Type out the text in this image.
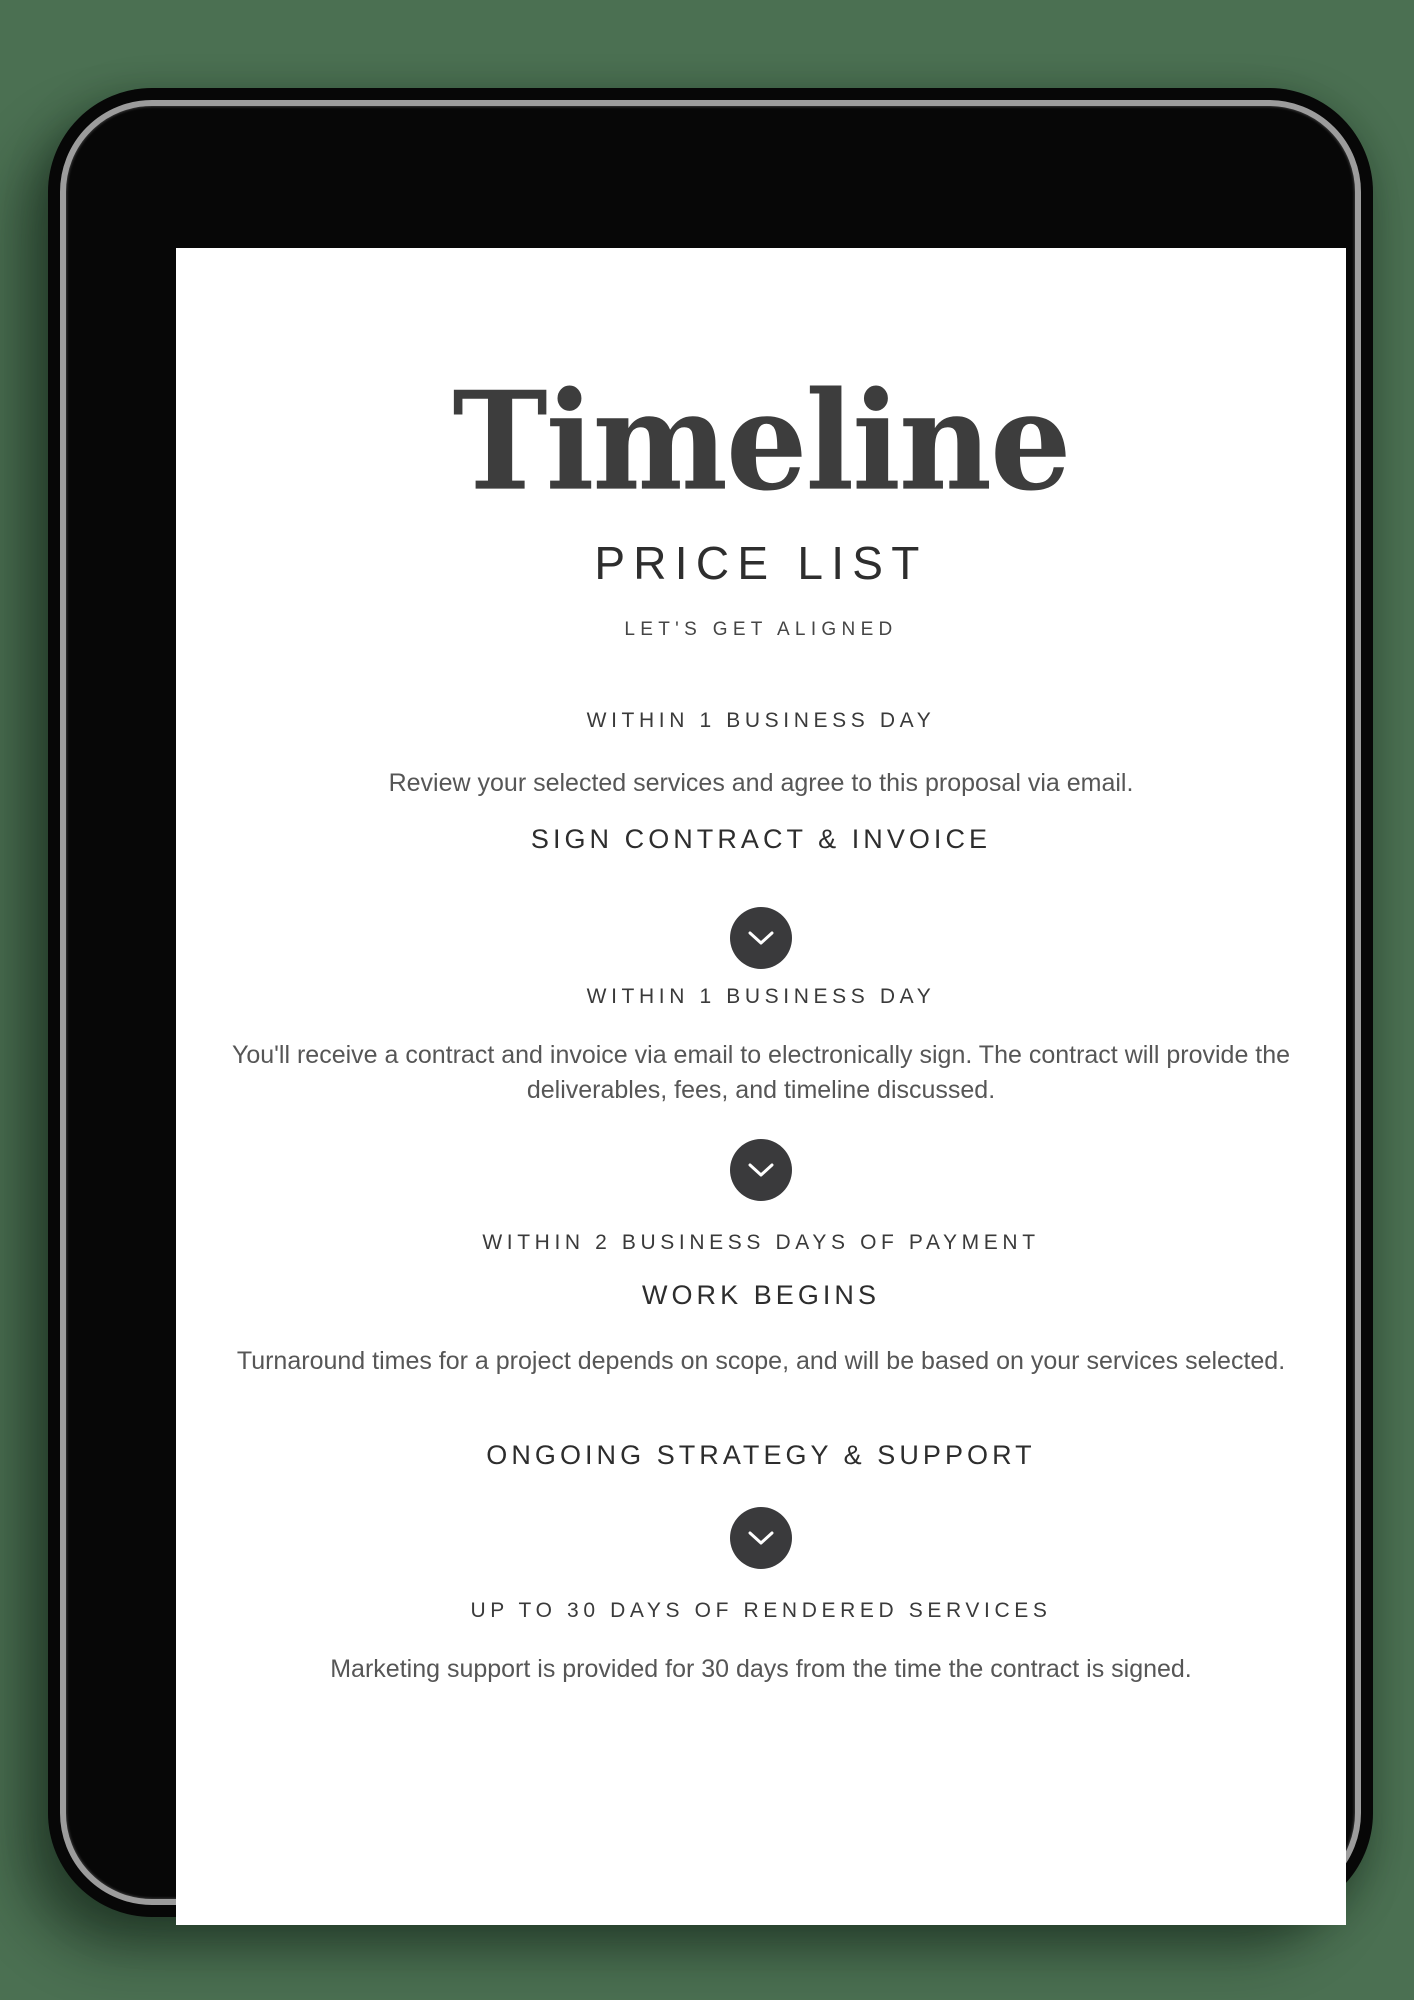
Timeline
PRICE LIST
LET'S GET ALIGNED
WITHIN 1 BUSINESS DAY

Review your selected services and agree to this proposal via email.

SIGN CONTRACT & INVOICE
WITHIN 1 BUSINESS DAY

You'll receive a contract and invoice via email to electronically sign. The contract will provide the deliverables, fees, and timeline discussed.

WITHIN 2 BUSINESS DAYS OF PAYMENT
WORK BEGINS

Turnaround times for a project depends on scope, and will be based on your services selected.

ONGOING STRATEGY & SUPPORT
UP TO 30 DAYS OF RENDERED SERVICES

Marketing support is provided for 30 days from the time the contract is signed.
